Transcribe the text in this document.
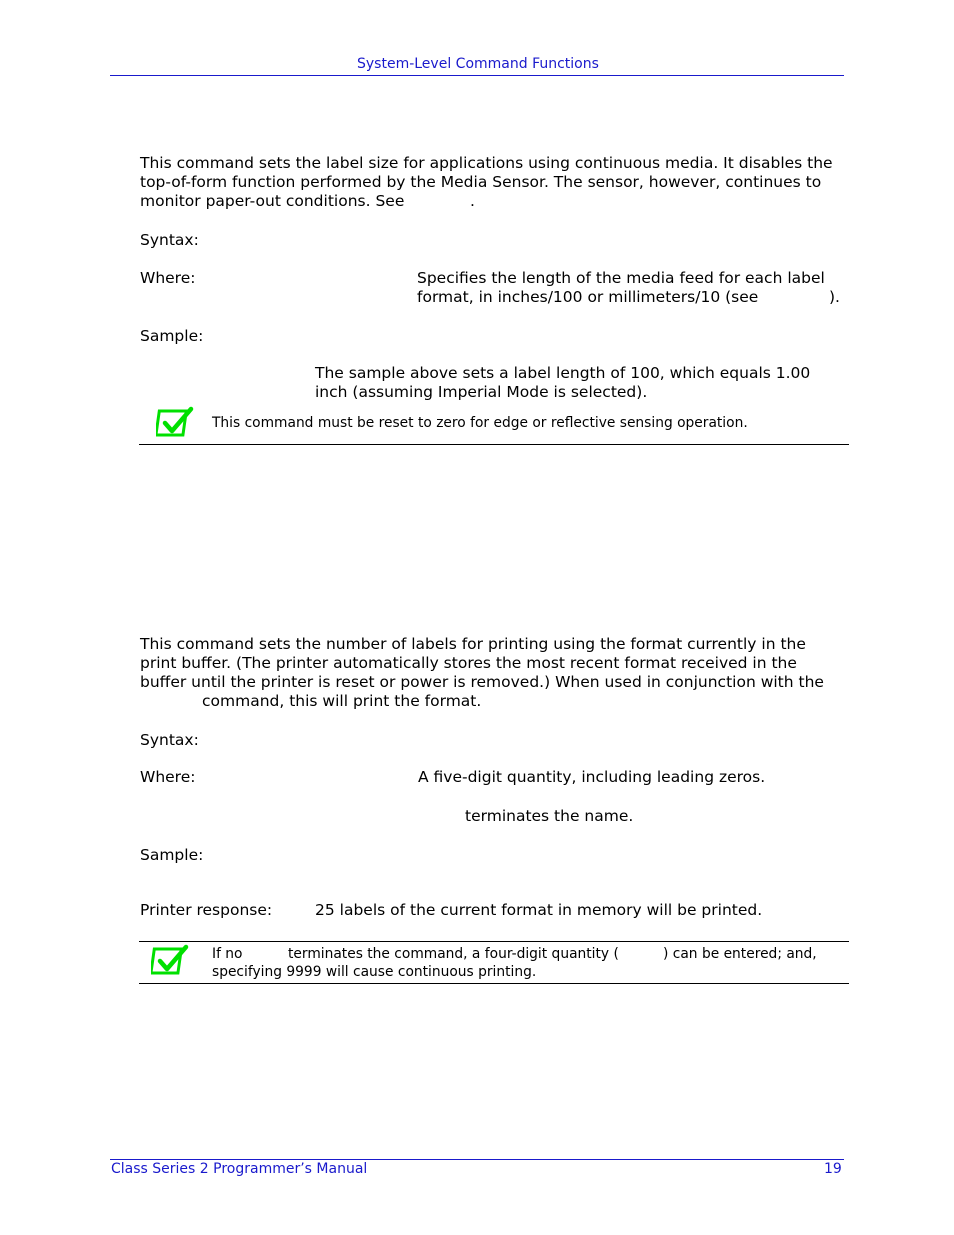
System-Level Command Functions

This command sets the label size for applications using continuous media. It disables the

top-of-form function performed by the Media Sensor. The sensor, however, continues to

monitor paper-out conditions. See	.
Syntax:
Where:	Specifies the length of the media feed for each label

format, in inches/100 or millimeters/10 (see	).
Sample:

The sample above sets a label length of 100, which equals 1.00

inch (assuming Imperial Mode is selected).

This command must be reset to zero for edge or reflective sensing operation.

This command sets the number of labels for printing using the format currently in the

print buffer. (The printer automatically stores the most recent format received in the

buffer until the printer is reset or power is removed.) When used in conjunction with the

command, this will print the format.
Syntax:
Where:	A five-digit quantity, including leading zeros.
terminates the name.
Sample:
Printer response:	25 labels of the current format in memory will be printed.
If no	terminates the command, a four-digit quantity (	) can be entered; and,
specifying 9999 will cause continuous printing.
Class Series 2 Programmer’s Manual	19
